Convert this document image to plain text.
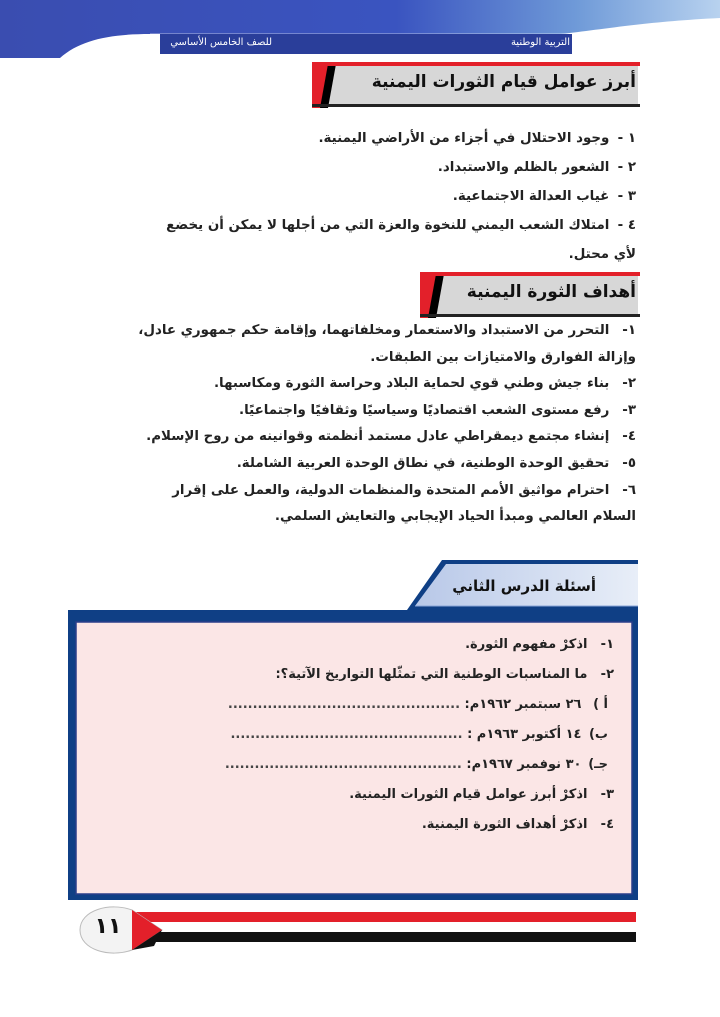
التربية الوطنية
للصف الخامس الأساسي
أبرز عوامل قيام الثورات اليمنية
١ - وجود الاحتلال في أجزاء من الأراضي اليمنية.
٢ - الشعور بالظلم والاستبداد.
٣ - غياب العدالة الاجتماعية.
٤ - امتلاك الشعب اليمني للنخوة والعزة التي من أجلها لا يمكن أن يخضع
لأي محتل.
أهداف الثورة اليمنية
١- التحرر من الاستبداد والاستعمار ومخلفاتهما، وإقامة حكم جمهوري عادل،
وإزالة الفوارق والامتيازات بين الطبقات.
٢- بناء جيش وطني قوي لحماية البلاد وحراسة الثورة ومكاسبها.
٣- رفع مستوى الشعب اقتصاديًا وسياسيًا وثقافيًا واجتماعيًا.
٤- إنشاء مجتمع ديمقراطي عادل مستمد أنظمته وقوانينه من روح الإسلام.
٥- تحقيق الوحدة الوطنية، في نطاق الوحدة العربية الشاملة.
٦- احترام مواثيق الأمم المتحدة والمنظمات الدولية، والعمل على إقرار
السلام العالمي ومبدأ الحياد الإيجابي والتعايش السلمي.
أسئلة الدرس الثاني
١- اذكرْ مفهوم الثورة.
٢- ما المناسبات الوطنية التي تمثّلها التواريخ الآتية؟:
أ ) ٢٦ سبتمبر ١٩٦٢م: ...............................................
ب) ١٤ أكتوبر ١٩٦٣م : ...............................................
جـ) ٣٠ نوفمبر ١٩٦٧م: ................................................
٣- اذكرْ أبرز عوامل قيام الثورات اليمنية.
٤- اذكرْ أهداف الثورة اليمنية.
١١
